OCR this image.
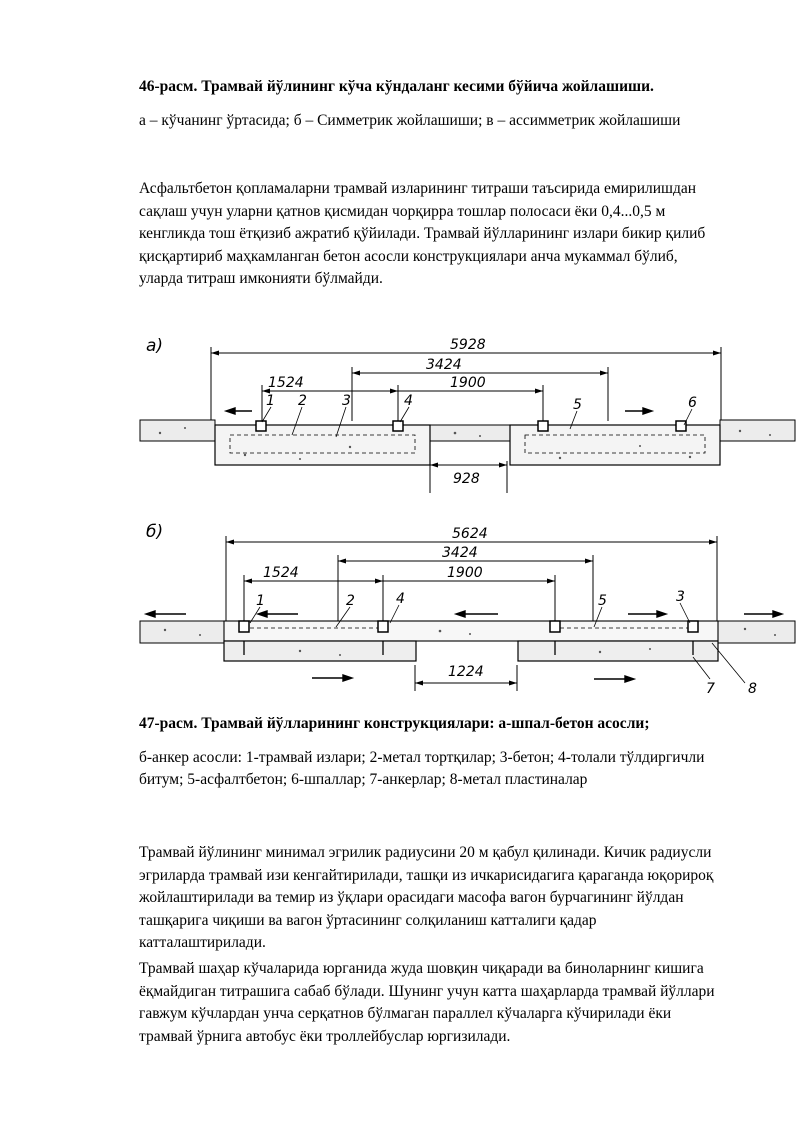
46-расм. Трамвай йўлининг кўча кўндаланг кесими бўйича жойлашиши.

а – кўчанинг ўртасида; б – Симметрик жойлашиши; в – ассимметрик жойлашиши

Асфальтбетон қопламаларни трамвай изларининг титраши таъсирида емирилишдан
сақлаш учун уларни қатнов қисмидан чорқирра тошлар полосаси ёки 0,4...0,5 м
кенгликда тош ётқизиб ажратиб қўйилади. Трамвай йўлларининг излари бикир қилиб
қисқартириб маҳкамланган бетон асосли конструкциялари анча мукаммал бўлиб,
уларда титраш имконияти бўлмайди.
а)	5928
3424
1524	1900
928
1 2	3	4	5	6
б)	5624
3424
1524	1900
1224
1	2	4	5	3
7 8

47-расм. Трамвай йўлларининг конструкциялари: а-шпал-бетон асосли;

б-анкер асосли: 1-трамвай излари; 2-метал тортқилар; 3-бетон; 4-толали тўлдиргичли
битум; 5-асфалтбетон; 6-шпаллар; 7-анкерлар; 8-метал пластиналар
Трамвай йўлининг минимал эгрилик радиусини 20 м қабул қилинади. Кичик радиусли
эгриларда трамвай изи кенгайтирилади, ташқи из ичкарисидагига қараганда юқорироқ
жойлаштирилади ва темир из ўқлари орасидаги масофа вагон бурчагининг йўлдан
ташқарига чиқиши ва вагон ўртасининг солқиланиш катталиги қадар
катталаштирилади.
Трамвай шаҳар кўчаларида юрганида жуда шовқин чиқаради ва биноларнинг кишига
ёқмайдиган титрашига сабаб бўлади. Шунинг учун катта шаҳарларда трамвай йўллари
гавжум кўчлардан унча серқатнов бўлмаган параллел кўчаларга кўчирилади ёки
трамвай ўрнига автобус ёки троллейбуслар юргизилади.
